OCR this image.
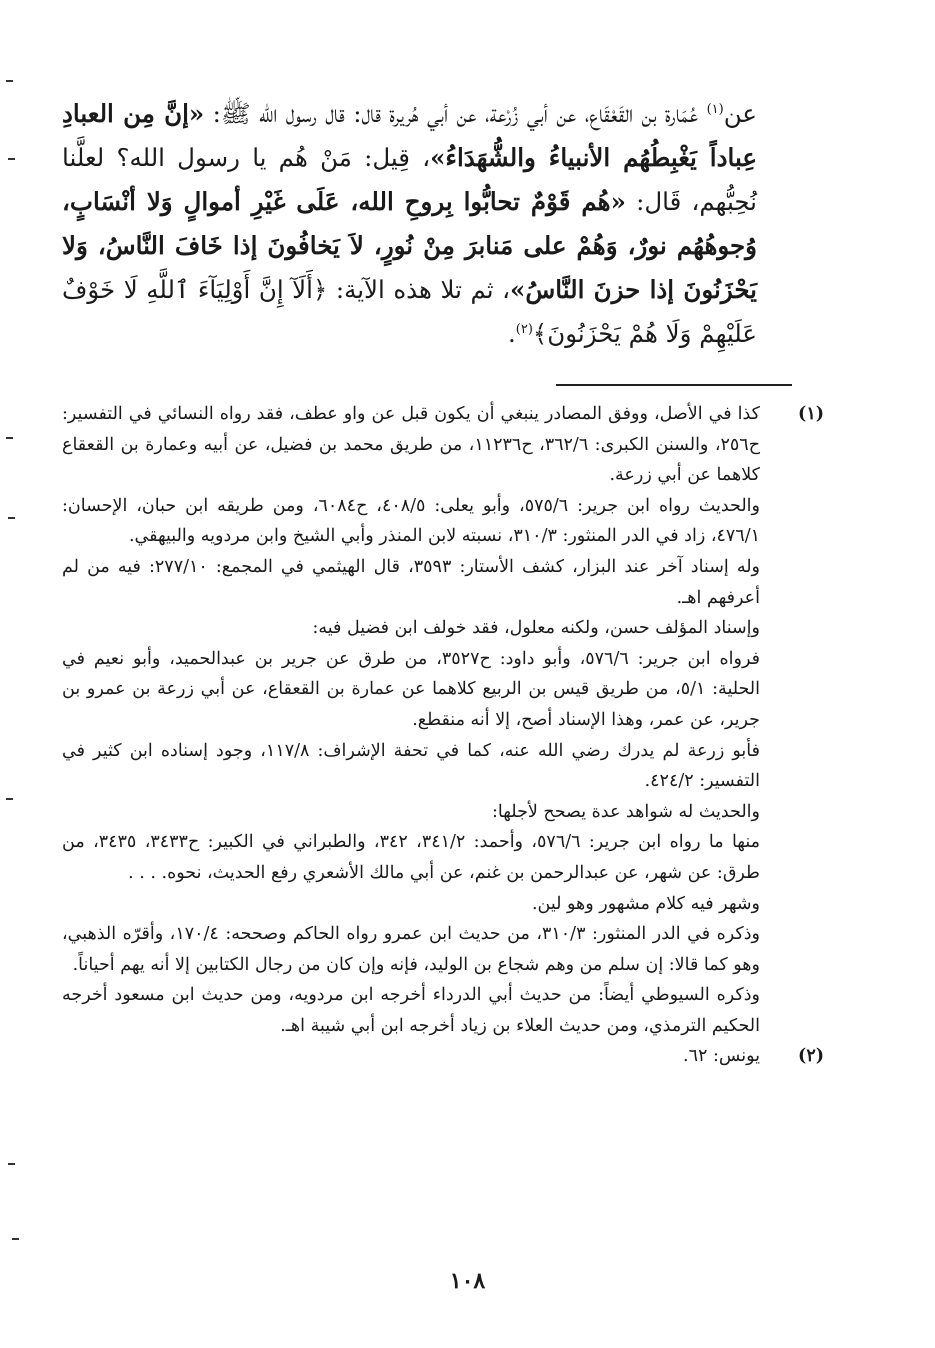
عن$^{(١)}$ عُمَارة بن القَعْقَاع، عن أبي زُرْعة، عن أبي هُريرة قال: قال رسول الله ﷺ: «إنَّ مِن العبادِ عِباداً يَغْبِطُهُم الأنبياءُ والشُّهَدَاءُ»، قِيل: مَنْ هُم يا رسول الله؟ لعلَّنا نُحِبُّهم، قَال: «هُم قَوْمٌ تحابُّوا بِروحِ الله، عَلَى غَيْرِ أموالٍ وَلا أنْسَابٍ، وُجوهُهُم نورٌ، وَهُمْ على مَنابرَ مِنْ نُورٍ، لاَ يَخافُونَ إذا خَافَ النَّاسُ، وَلا يَحْزَنُونَ إذا حزنَ النَّاسُ»، ثم تلا هذه الآية: ﴿أَلَآ إِنَّ أَوْلِيَآءَ ٱللَّهِ لَا خَوْفٌ عَلَيْهِمْ وَلَا هُمْ يَحْزَنُونَ﴾$^{(٢)}$.

(١)

كذا في الأصل، ووفق المصادر ينبغي أن يكون قبل عن واو عطف، فقد رواه النسائي في التفسير: ح٢٥٦، والسنن الكبرى: ٣٦٢/٦، ح١١٢٣٦، من طريق محمد بن فضيل، عن أبيه وعمارة بن القعقاع كلاهما عن أبي زرعة.

والحديث رواه ابن جرير: ٥٧٥/٦، وأبو يعلى: ٤٠٨/٥، ح٦٠٨٤، ومن طريقه ابن حبان، الإحسان: ٤٧٦/١، زاد في الدر المنثور: ٣١٠/٣، نسبته لابن المنذر وأبي الشيخ وابن مردويه والبيهقي.

وله إسناد آخر عند البزار، كشف الأستار: ٣٥٩٣، قال الهيثمي في المجمع: ٢٧٧/١٠: فيه من لم أعرفهم اهـ.

وإسناد المؤلف حسن، ولكنه معلول، فقد خولف ابن فضيل فيه:

فرواه ابن جرير: ٥٧٦/٦، وأبو داود: ح٣٥٢٧، من طرق عن جرير بن عبدالحميد، وأبو نعيم في الحلية: ٥/١، من طريق قيس بن الربيع كلاهما عن عمارة بن القعقاع، عن أبي زرعة بن عمرو بن جرير، عن عمر، وهذا الإسناد أصح، إلا أنه منقطع.

فأبو زرعة لم يدرك رضي الله عنه، كما في تحفة الإشراف: ١١٧/٨، وجود إسناده ابن كثير في التفسير: ٤٢٤/٢.

والحديث له شواهد عدة يصحح لأجلها:

منها ما رواه ابن جرير: ٥٧٦/٦، وأحمد: ٣٤١/٢، ٣٤٢، والطبراني في الكبير: ح٣٤٣٣، ٣٤٣٥، من طرق: عن شهر، عن عبدالرحمن بن غنم، عن أبي مالك الأشعري رفع الحديث، نحوه. . . .

وشهر فيه كلام مشهور وهو لين.

وذكره في الدر المنثور: ٣١٠/٣، من حديث ابن عمرو رواه الحاكم وصححه: ١٧٠/٤، وأقرّه الذهبي، وهو كما قالا: إن سلم من وهم شجاع بن الوليد، فإنه وإن كان من رجال الكتابين إلا أنه يهم أحياناً.

وذكره السيوطي أيضاً: من حديث أبي الدرداء أخرجه ابن مردويه، ومن حديث ابن مسعود أخرجه الحكيم الترمذي، ومن حديث العلاء بن زياد أخرجه ابن أبي شيبة اهـ.

(٢)

يونس: ٦٢.

١٠٨
